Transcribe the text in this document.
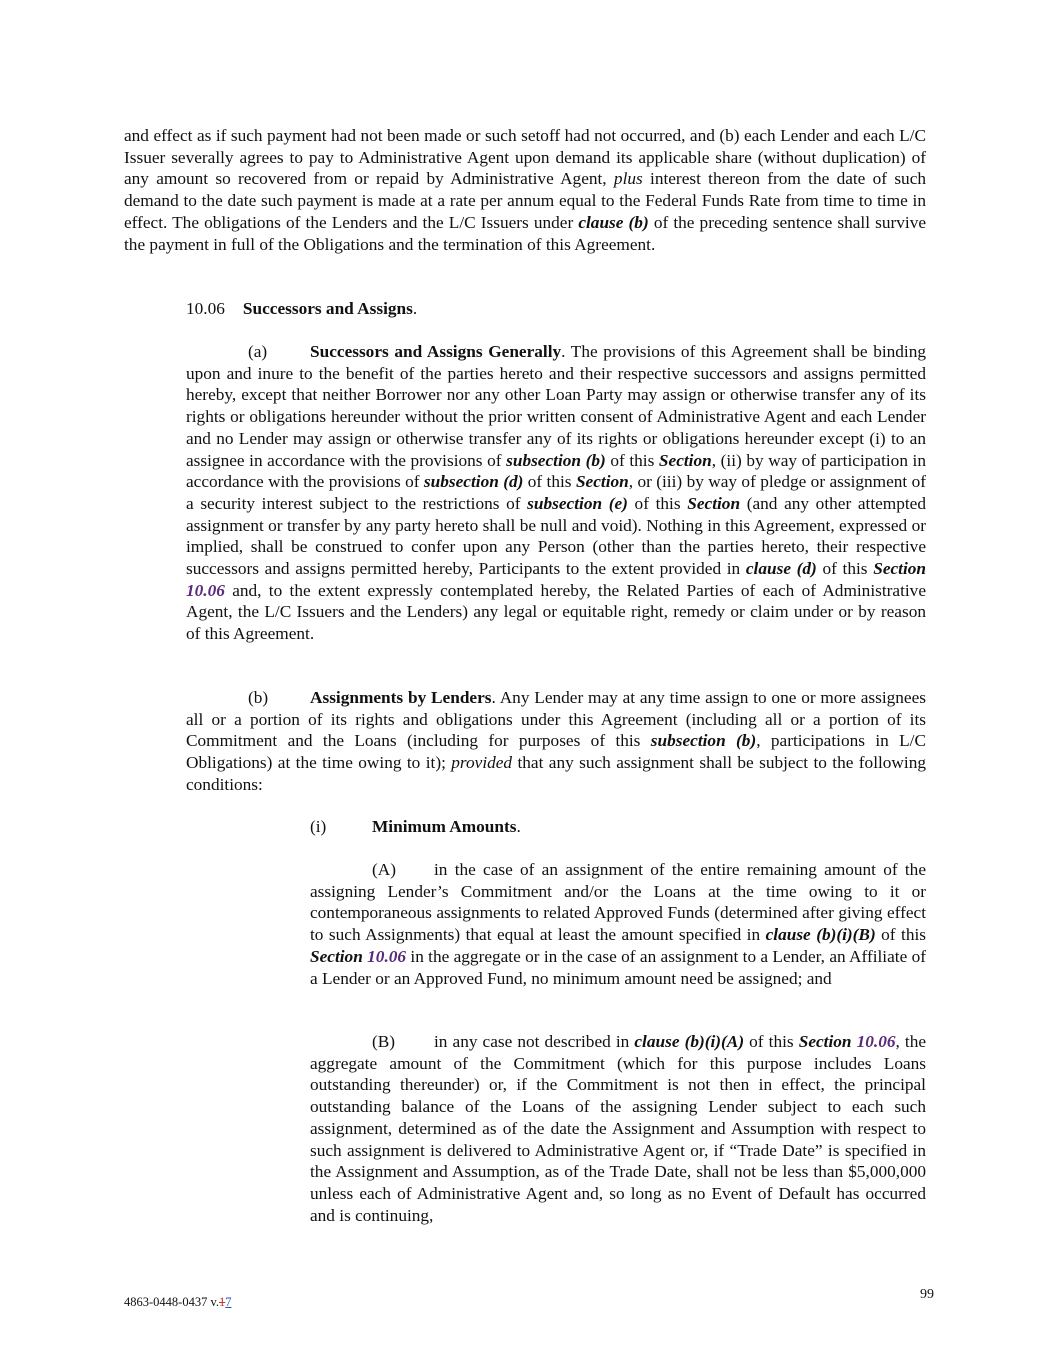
and effect as if such payment had not been made or such setoff had not occurred, and (b) each Lender and each L/C Issuer severally agrees to pay to Administrative Agent upon demand its applicable share (without duplication) of any amount so recovered from or repaid by Administrative Agent, plus interest thereon from the date of such demand to the date such payment is made at a rate per annum equal to the Federal Funds Rate from time to time in effect. The obligations of the Lenders and the L/C Issuers under clause (b) of the preceding sentence shall survive the payment in full of the Obligations and the termination of this Agreement.
10.06 Successors and Assigns.
(a) Successors and Assigns Generally. The provisions of this Agreement shall be binding upon and inure to the benefit of the parties hereto and their respective successors and assigns permitted hereby, except that neither Borrower nor any other Loan Party may assign or otherwise transfer any of its rights or obligations hereunder without the prior written consent of Administrative Agent and each Lender and no Lender may assign or otherwise transfer any of its rights or obligations hereunder except (i) to an assignee in accordance with the provisions of subsection (b) of this Section, (ii) by way of participation in accordance with the provisions of subsection (d) of this Section, or (iii) by way of pledge or assignment of a security interest subject to the restrictions of subsection (e) of this Section (and any other attempted assignment or transfer by any party hereto shall be null and void). Nothing in this Agreement, expressed or implied, shall be construed to confer upon any Person (other than the parties hereto, their respective successors and assigns permitted hereby, Participants to the extent provided in clause (d) of this Section 10.06 and, to the extent expressly contemplated hereby, the Related Parties of each of Administrative Agent, the L/C Issuers and the Lenders) any legal or equitable right, remedy or claim under or by reason of this Agreement.
(b) Assignments by Lenders. Any Lender may at any time assign to one or more assignees all or a portion of its rights and obligations under this Agreement (including all or a portion of its Commitment and the Loans (including for purposes of this subsection (b), participations in L/C Obligations) at the time owing to it); provided that any such assignment shall be subject to the following conditions:
(i)	Minimum Amounts.
(A) in the case of an assignment of the entire remaining amount of the assigning Lender’s Commitment and/or the Loans at the time owing to it or contemporaneous assignments to related Approved Funds (determined after giving effect to such Assignments) that equal at least the amount specified in clause (b)(i)(B) of this Section 10.06 in the aggregate or in the case of an assignment to a Lender, an Affiliate of a Lender or an Approved Fund, no minimum amount need be assigned; and
(B) in any case not described in clause (b)(i)(A) of this Section 10.06, the aggregate amount of the Commitment (which for this purpose includes Loans outstanding thereunder) or, if the Commitment is not then in effect, the principal outstanding balance of the Loans of the assigning Lender subject to each such assignment, determined as of the date the Assignment and Assumption with respect to such assignment is delivered to Administrative Agent or, if “Trade Date” is specified in the Assignment and Assumption, as of the Trade Date, shall not be less than $5,000,000 unless each of Administrative Agent and, so long as no Event of Default has occurred and is continuing,
4863-0448-0437 v.17	99
